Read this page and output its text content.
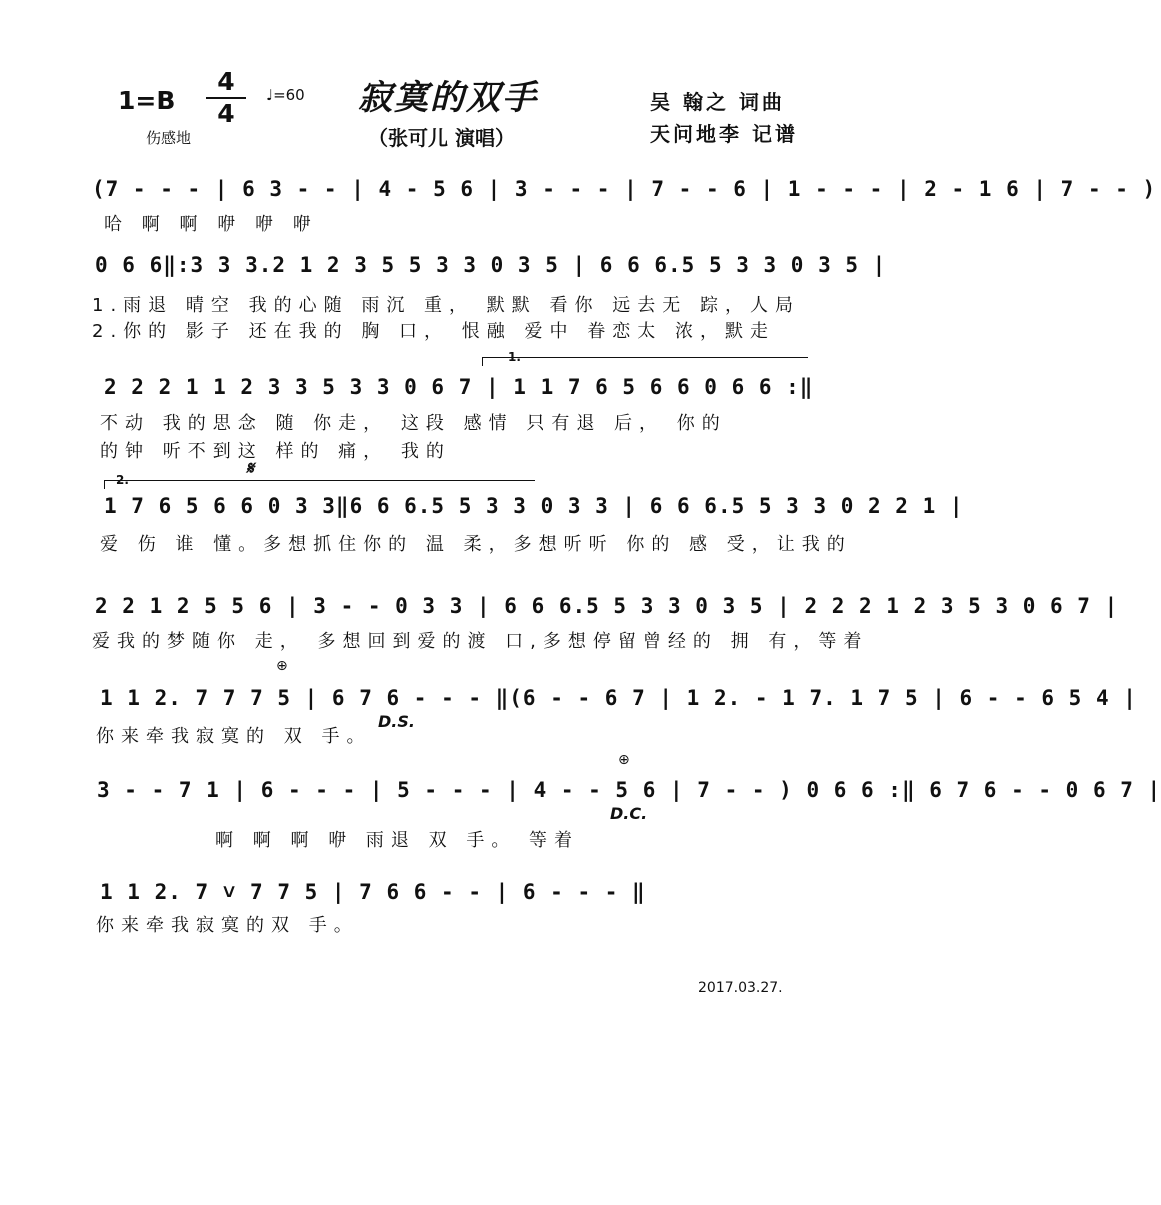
1=B
4
4
♩=60 寂寞的双手
（张可儿 演唱）
伤感地
吴 翰之 词曲
天问地李 记谱
(7 - - - | 6 3 - - | 4 - 5 6 | 3 - - - | 7 - - 6 | 1 - - - | 2 - 1 6 | 7 - - )
哈 啊 啊 咿 咿 咿
0 6 6‖:3 3 3.2 1 2 3 5 5 3 3 0 3 5 | 6 6 6.5 5 3 3 0 3 5 |
1.雨退 晴空 我的心随 雨沉 重， 默默 看你 远去无 踪，人局
2.你的 影子 还在我的 胸 口， 恨融 爱中 眷恋太 浓，默走
1.
2 2 2 1 1 2 3 3 5 3 3 0 6 7 | 1 1 7 6 5 6 6 0 6 6 :‖
不动 我的思念 随 你走， 这段 感情 只有退 后， 你的
的钟 听不到这 样的 痛， 我的
2.
𝄋
1 7 6 5 6 6 0 3 3‖6 6 6.5 5 3 3 0 3 3 | 6 6 6.5 5 3 3 0 2 2 1 |
爱 伤 谁 懂。多想抓住你的 温 柔，多想听听 你的 感 受，让我的
2 2 1 2 5 5 6 | 3 - - 0 3 3 | 6 6 6.5 5 3 3 0 3 5 | 2 2 2 1 2 3 5 3 0 6 7 |
爱我的梦随你 走， 多想回到爱的渡 口,多想停留曾经的 拥 有，等着
⊕
1 1 2. 7 7 7 5 | 6 7 6 - - - ‖(6 - - 6 7 | 1 2. - 1 7. 1 7 5 | 6 - - 6 5 4 |
你来牵我寂寞的 双 手。
D.S.
⊕
3 - - 7 1 | 6 - - - | 5 - - - | 4 - - 5 6 | 7 - - ) 0 6 6 :‖ 6 7 6 - - 0 6 7 |
D.C.
啊 啊 啊 咿 雨退 双 手。 等着
1 1 2. 7 ˅ 7 7 5 | 7 6 6 - - | 6 - - - ‖
你来牵我寂寞的双 手。
2017.03.27.
